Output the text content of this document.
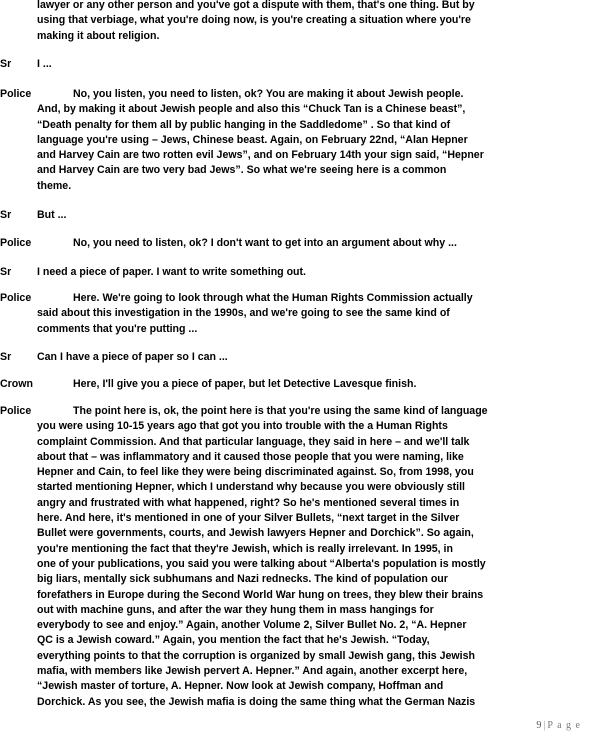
lawyer or any other person and you've got a dispute with them, that's one thing. But by
using that verbiage, what you're doing now, is you're creating a situation where you're
making it about religion.
Sr I ...
Police	No, you listen, you need to listen, ok? You are making it about Jewish people.
And, by making it about Jewish people and also this “Chuck Tan is a Chinese beast”,
“Death penalty for them all by public hanging in the Saddledome” . So that kind of
language you're using – Jews, Chinese beast. Again, on February 22nd, “Alan Hepner
and Harvey Cain are two rotten evil Jews”, and on February 14th your sign said, “Hepner
and Harvey Cain are two very bad Jews”. So what we're seeing here is a common
theme.
Sr But ...
Police	No, you need to listen, ok? I don't want to get into an argument about why ...
Sr I need a piece of paper. I want to write something out.
Police	Here. We're going to look through what the Human Rights Commission actually
said about this investigation in the 1990s, and we're going to see the same kind of
comments that you're putting ...
Sr Can I have a piece of paper so I can ...
Crown	Here, I'll give you a piece of paper, but let Detective Lavesque finish.
Police	The point here is, ok, the point here is that you're using the same kind of language
you were using 10-15 years ago that got you into trouble with the a Human Rights
complaint Commission. And that particular language, they said in here – and we'll talk
about that – was inflammatory and it caused those people that you were naming, like
Hepner and Cain, to feel like they were being discriminated against. So, from 1998, you
started mentioning Hepner, which I understand why because you were obviously still
angry and frustrated with what happened, right? So he's mentioned several times in
here. And here, it's mentioned in one of your Silver Bullets, “next target in the Silver
Bullet were governments, courts, and Jewish lawyers Hepner and Dorchick”. So again,
you're mentioning the fact that they're Jewish, which is really irrelevant. In 1995, in
one of your publications, you said you were talking about “Alberta's population is mostly
big liars, mentally sick subhumans and Nazi rednecks. The kind of population our
forefathers in Europe during the Second World War hung on trees, they blew their brains
out with machine guns, and after the war they hung them in mass hangings for
everybody to see and enjoy.” Again, another Volume 2, Silver Bullet No. 2, “A. Hepner
QC is a Jewish coward.” Again, you mention the fact that he's Jewish. “Today,
everything points to that the corruption is organized by small Jewish gang, this Jewish
mafia, with members like Jewish pervert A. Hepner.” And again, another excerpt here,
“Jewish master of torture, A. Hepner. Now look at Jewish company, Hoffman and
Dorchick. As you see, the Jewish mafia is doing the same thing what the German Nazis
9 | P a g e
